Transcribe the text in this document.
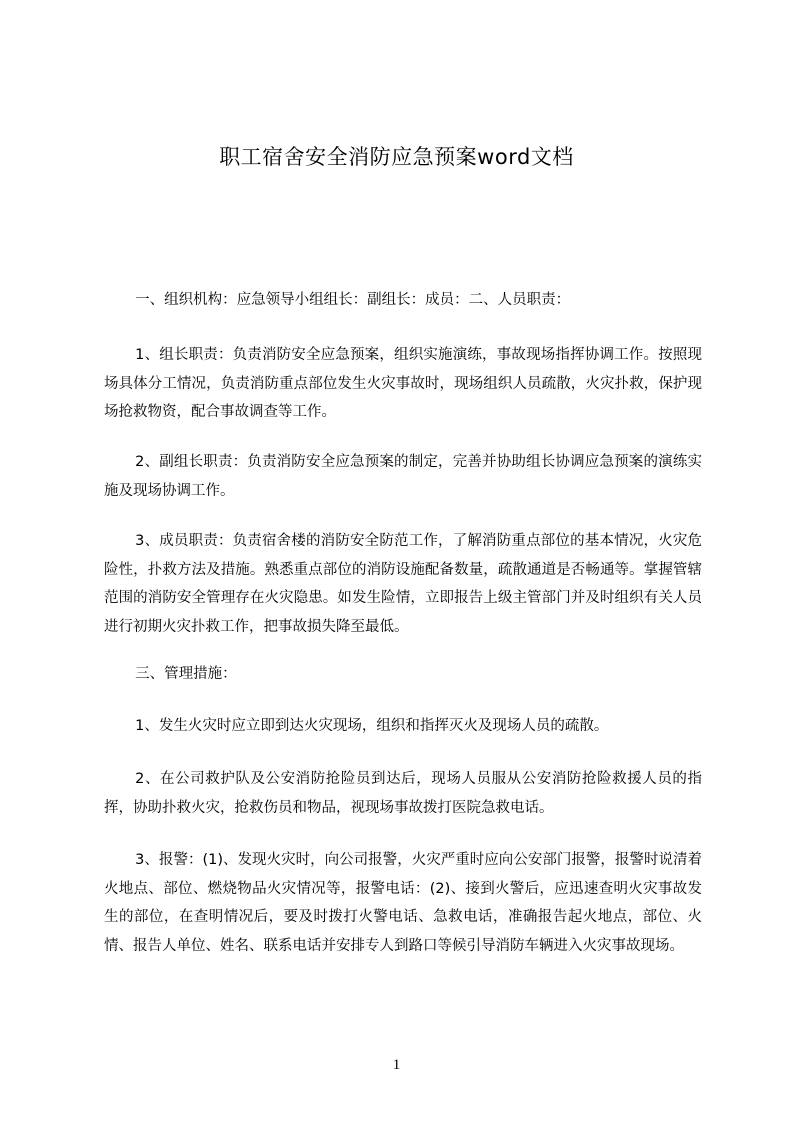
职工宿舍安全消防应急预案word文档

一、组织机构：应急领导小组组长：副组长：成员：二、人员职责：

1、组长职责：负责消防安全应急预案，组织实施演练，事故现场指挥协调工作。按照现场具体分工情况，负责消防重点部位发生火灾事故时，现场组织人员疏散，火灾扑救，保护现场抢救物资，配合事故调查等工作。

2、副组长职责：负责消防安全应急预案的制定，完善并协助组长协调应急预案的演练实施及现场协调工作。

3、成员职责：负责宿舍楼的消防安全防范工作，了解消防重点部位的基本情况，火灾危险性，扑救方法及措施。熟悉重点部位的消防设施配备数量，疏散通道是否畅通等。掌握管辖范围的消防安全管理存在火灾隐患。如发生险情，立即报告上级主管部门并及时组织有关人员进行初期火灾扑救工作，把事故损失降至最低。

三、管理措施：

1、发生火灾时应立即到达火灾现场，组织和指挥灭火及现场人员的疏散。

2、在公司救护队及公安消防抢险员到达后，现场人员服从公安消防抢险救援人员的指挥，协助扑救火灾，抢救伤员和物品，视现场事故拨打医院急救电话。

3、报警：(1)、发现火灾时，向公司报警，火灾严重时应向公安部门报警，报警时说清着火地点、部位、燃烧物品火灾情况等，报警电话：(2)、接到火警后，应迅速查明火灾事故发生的部位，在查明情况后，要及时拨打火警电话、急救电话，准确报告起火地点，部位、火情、报告人单位、姓名、联系电话并安排专人到路口等候引导消防车辆进入火灾事故现场。

1
